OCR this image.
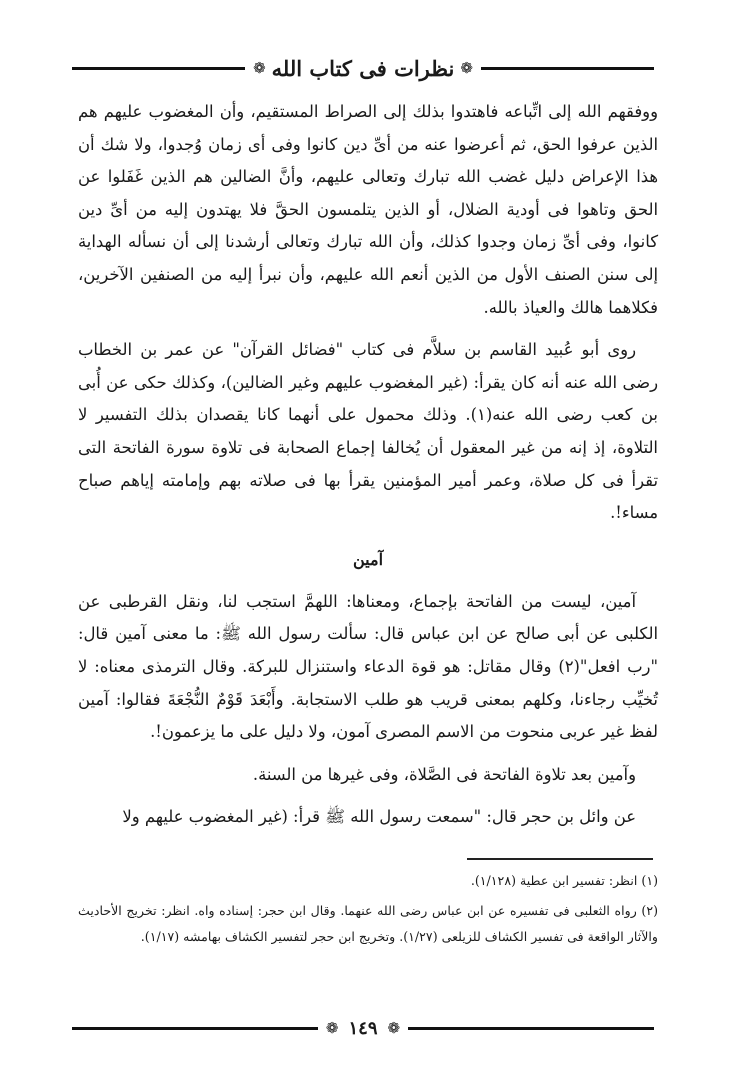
❁ نظرات فى كتاب الله ❁

ووفقهم الله إلى اتِّباعه فاهتدوا بذلك إلى الصراط المستقيم، وأن المغضوب عليهم هم الذين عرفوا الحق، ثم أعرضوا عنه من أىِّ دين كانوا وفى أى زمان وُجدوا، ولا شك أن هذا الإعراض دليل غضب الله تبارك وتعالى عليهم، وأنَّ الضالين هم الذين غَفَلوا عن الحق وتاهوا فى أودية الضلال، أو الذين يتلمسون الحقَّ فلا يهتدون إليه من أىِّ دين كانوا، وفى أىِّ زمان وجدوا كذلك، وأن الله تبارك وتعالى أرشدنا إلى أن نسأله الهداية إلى سنن الصنف الأول من الذين أنعم الله عليهم، وأن نبرأ إليه من الصنفين الآخرين، فكلاهما هالك والعياذ بالله.

روى أبو عُبيد القاسم بن سلاَّم فى كتاب "فضائل القرآن" عن عمر بن الخطاب رضى الله عنه أنه كان يقرأ: (غير المغضوب عليهم وغير الضالين)، وكذلك حكى عن أُبى بن كعب رضى الله عنه(١). وذلك محمول على أنهما كانا يقصدان بذلك التفسير لا التلاوة، إذ إنه من غير المعقول أن يُخالفا إجماع الصحابة فى تلاوة سورة الفاتحة التى تقرأ فى كل صلاة، وعمر أمير المؤمنين يقرأ بها فى صلاته بهم وإمامته إياهم صباح مساء!.

آمين

آمين، ليست من الفاتحة بإجماع، ومعناها: اللهمَّ استجب لنا، ونقل القرطبى عن الكلبى عن أبى صالح عن ابن عباس قال: سألت رسول الله ﷺ: ما معنى آمين قال: "رب افعل"(٢) وقال مقاتل: هو قوة الدعاء واستنزال للبركة. وقال الترمذى معناه: لا تُخيِّب رجاءنا، وكلهم بمعنى قريب هو طلب الاستجابة. وأَبْعَدَ قَوْمٌ النُّجْعَةَ فقالوا: آمين لفظ غير عربى منحوت من الاسم المصرى آمون، ولا دليل على ما يزعمون!.

وآمين بعد تلاوة الفاتحة فى الصَّلاة، وفى غيرها من السنة.

عن وائل بن حجر قال: "سمعت رسول الله ﷺ قرأ: (غير المغضوب عليهم ولا

(١) انظر: تفسير ابن عطية (١/١٢٨).

(٢) رواه الثعلبى فى تفسيره عن ابن عباس رضى الله عنهما. وقال ابن حجر: إسناده واه. انظر: تخريج الأحاديث والآثار الواقعة فى تفسير الكشاف للزيلعى (١/٢٧). وتخريج ابن حجر لتفسير الكشاف بهامشه (١/١٧).

❁ ١٤٩ ❁
